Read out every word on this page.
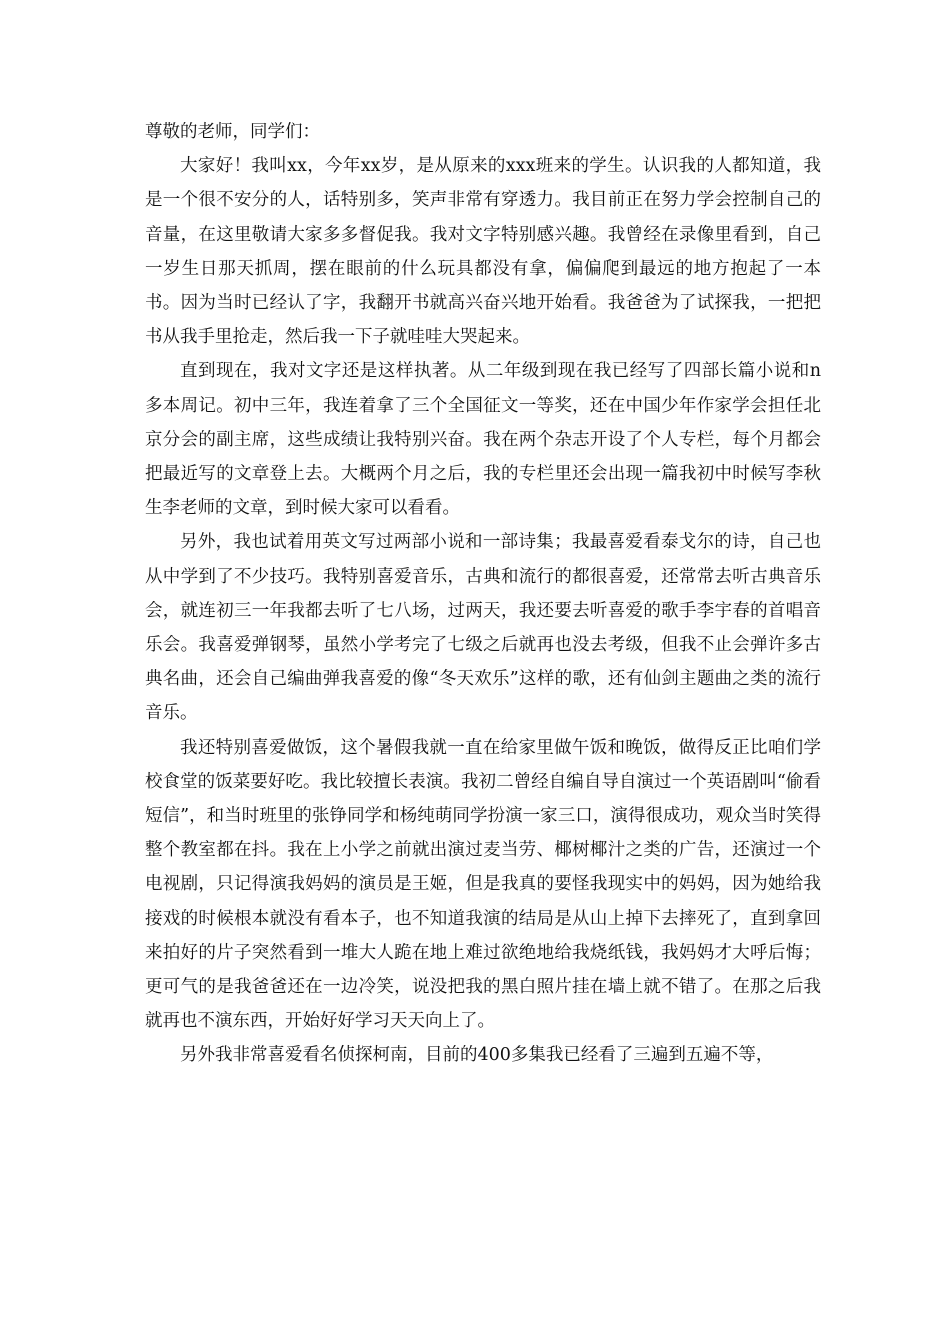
尊敬的老师，同学们：

大家好！我叫xx，今年xx岁，是从原来的xxx班来的学生。认识我的人都知道，我是一个很不安分的人，话特别多，笑声非常有穿透力。我目前正在努力学会控制自己的音量，在这里敬请大家多多督促我。我对文字特别感兴趣。我曾经在录像里看到，自己一岁生日那天抓周，摆在眼前的什么玩具都没有拿，偏偏爬到最远的地方抱起了一本书。因为当时已经认了字，我翻开书就高兴奋兴地开始看。我爸爸为了试探我，一把把书从我手里抢走，然后我一下子就哇哇大哭起来。

直到现在，我对文字还是这样执著。从二年级到现在我已经写了四部长篇小说和n多本周记。初中三年，我连着拿了三个全国征文一等奖，还在中国少年作家学会担任北京分会的副主席，这些成绩让我特别兴奋。我在两个杂志开设了个人专栏，每个月都会把最近写的文章登上去。大概两个月之后，我的专栏里还会出现一篇我初中时候写李秋生李老师的文章，到时候大家可以看看。

另外，我也试着用英文写过两部小说和一部诗集；我最喜爱看泰戈尔的诗，自己也从中学到了不少技巧。我特别喜爱音乐，古典和流行的都很喜爱，还常常去听古典音乐会，就连初三一年我都去听了七八场，过两天，我还要去听喜爱的歌手李宇春的首唱音乐会。我喜爱弹钢琴，虽然小学考完了七级之后就再也没去考级，但我不止会弹许多古典名曲，还会自己编曲弹我喜爱的像“冬天欢乐”这样的歌，还有仙剑主题曲之类的流行音乐。

我还特别喜爱做饭，这个暑假我就一直在给家里做午饭和晚饭，做得反正比咱们学校食堂的饭菜要好吃。我比较擅长表演。我初二曾经自编自导自演过一个英语剧叫“偷看短信”，和当时班里的张铮同学和杨纯萌同学扮演一家三口，演得很成功，观众当时笑得整个教室都在抖。我在上小学之前就出演过麦当劳、椰树椰汁之类的广告，还演过一个电视剧，只记得演我妈妈的演员是王姬，但是我真的要怪我现实中的妈妈，因为她给我接戏的时候根本就没有看本子，也不知道我演的结局是从山上掉下去摔死了，直到拿回来拍好的片子突然看到一堆大人跪在地上难过欲绝地给我烧纸钱，我妈妈才大呼后悔；更可气的是我爸爸还在一边冷笑，说没把我的黑白照片挂在墙上就不错了。在那之后我就再也不演东西，开始好好学习天天向上了。

另外我非常喜爱看名侦探柯南，目前的400多集我已经看了三遍到五遍不等，
